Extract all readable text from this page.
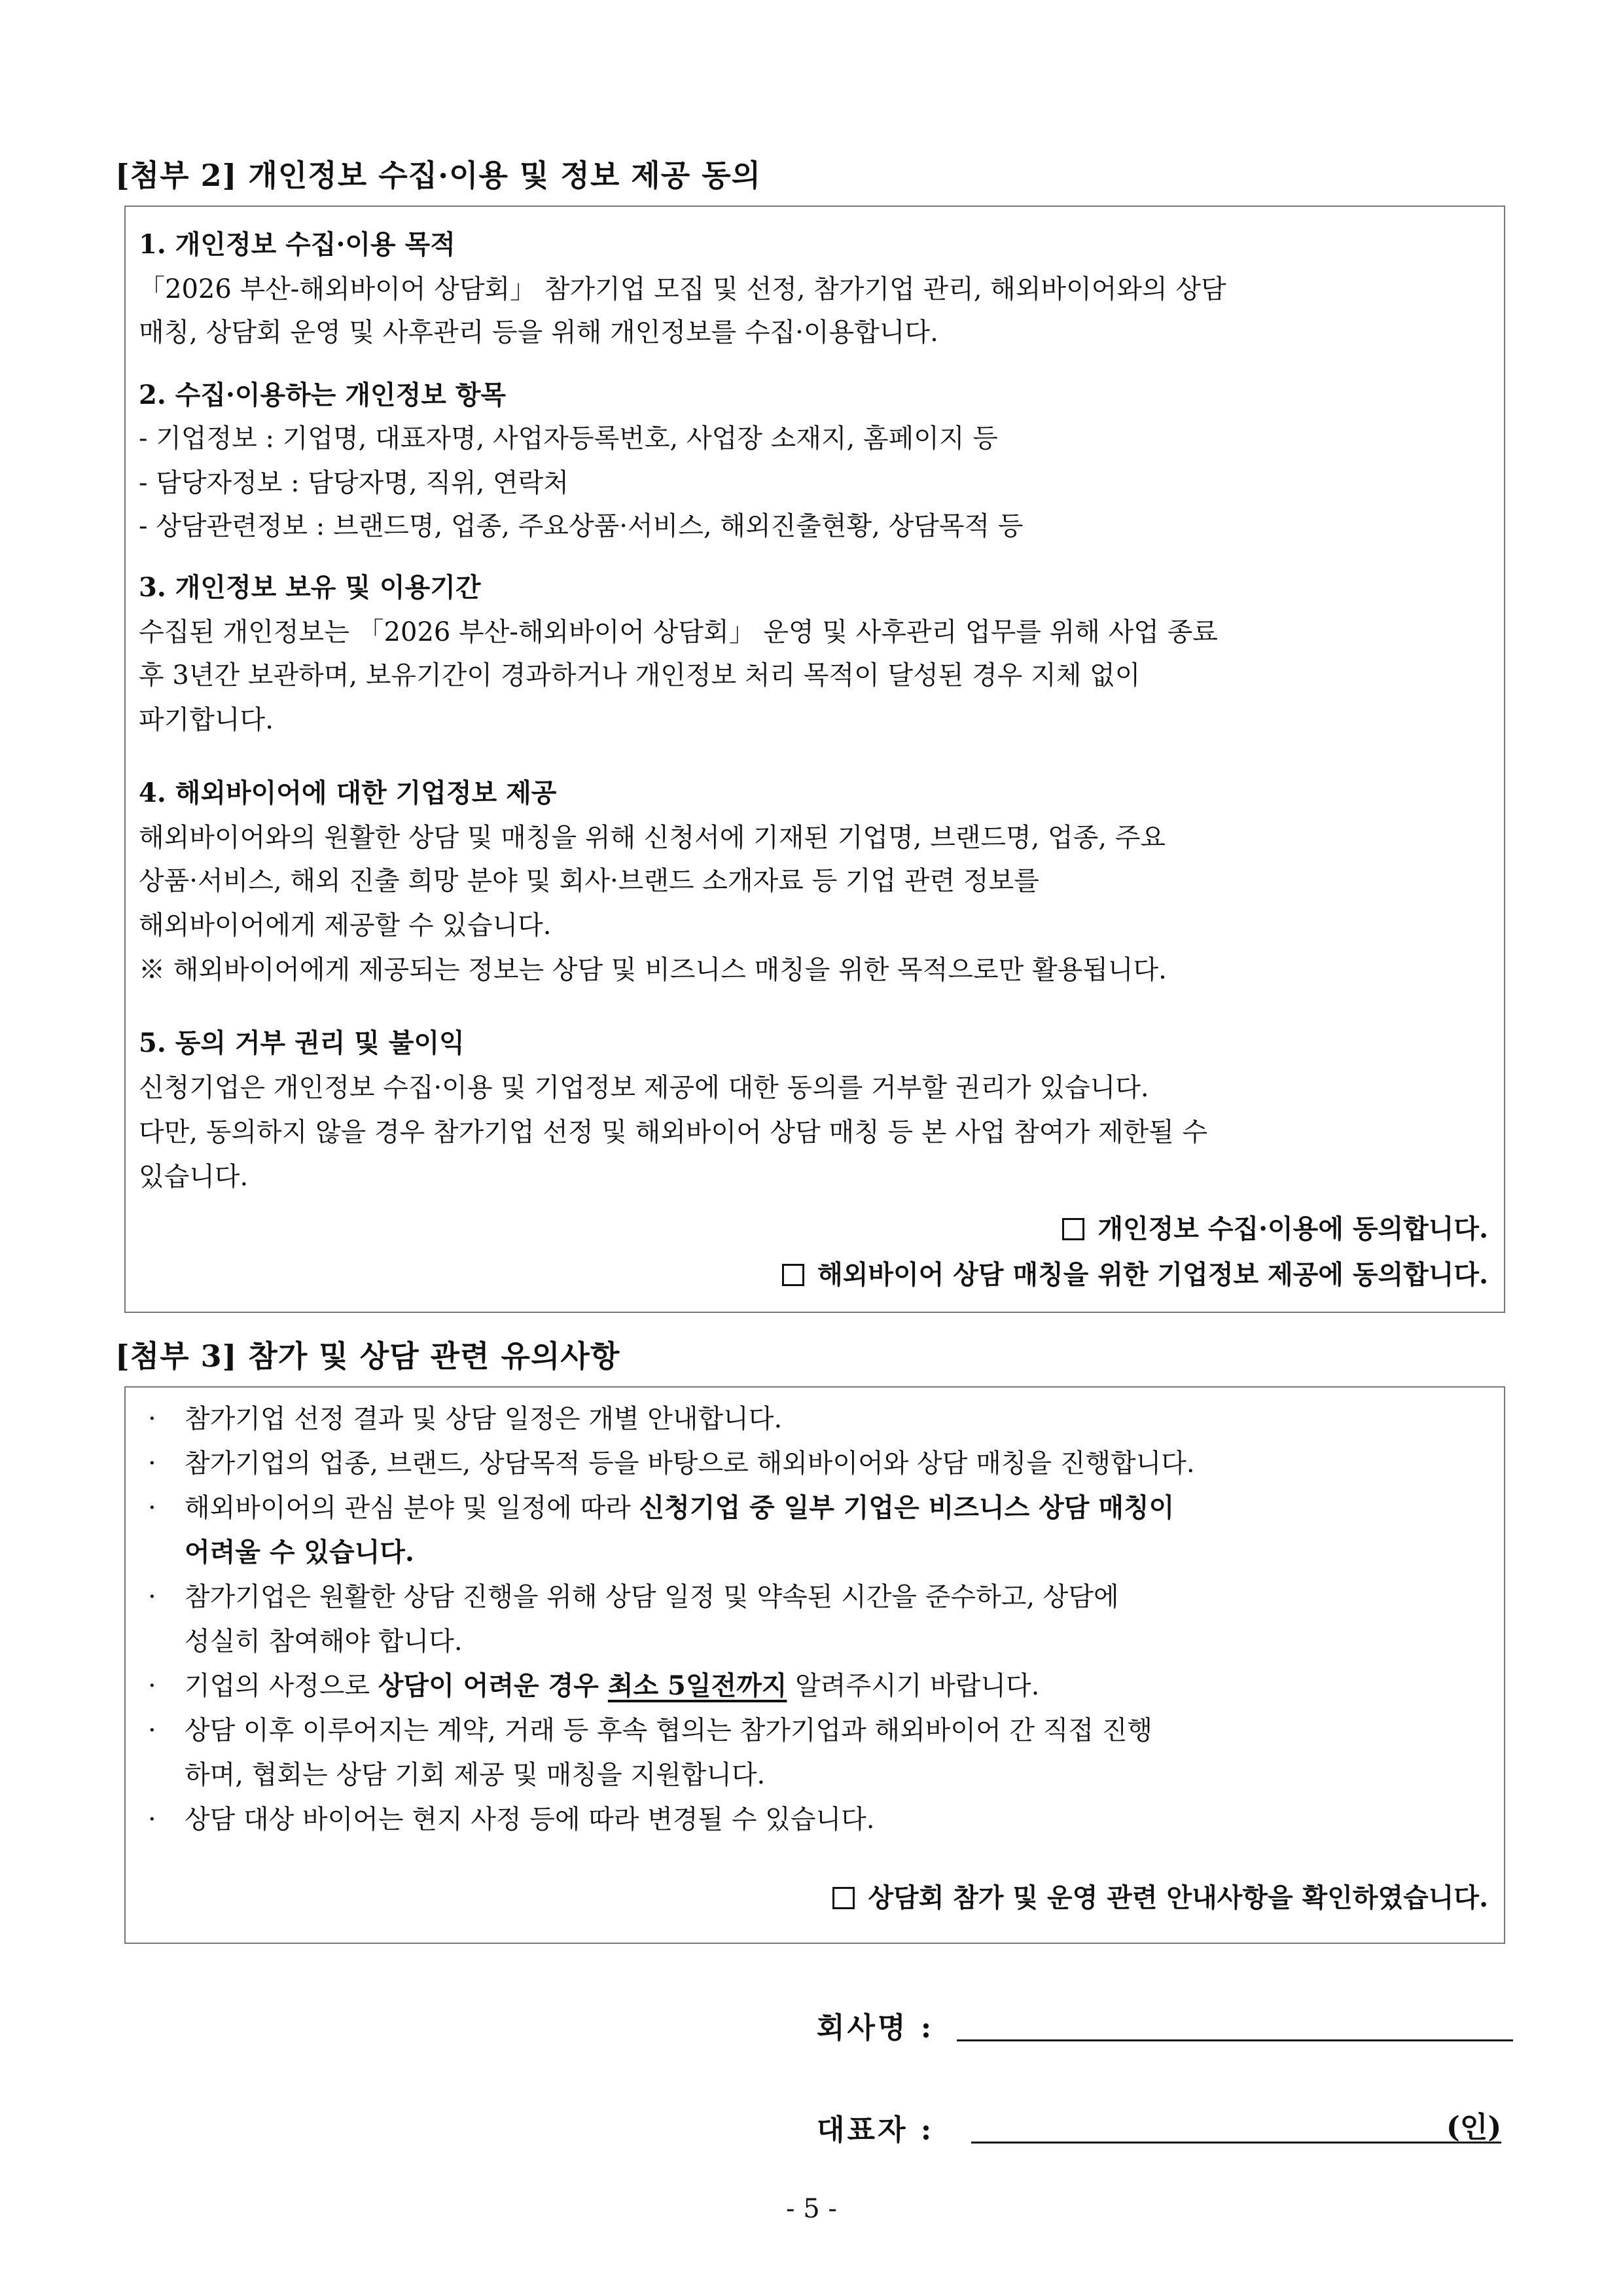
[첨부 2] 개인정보 수집·이용 및 정보 제공 동의
1. 개인정보 수집·이용 목적
「2026 부산-해외바이어 상담회」 참가기업 모집 및 선정, 참가기업 관리, 해외바이어와의 상담
매칭, 상담회 운영 및 사후관리 등을 위해 개인정보를 수집·이용합니다.
2. 수집·이용하는 개인정보 항목
- 기업정보 : 기업명, 대표자명, 사업자등록번호, 사업장 소재지, 홈페이지 등
- 담당자정보 : 담당자명, 직위, 연락처
- 상담관련정보 : 브랜드명, 업종, 주요상품·서비스, 해외진출현황, 상담목적 등
3. 개인정보 보유 및 이용기간
수집된 개인정보는 「2026 부산-해외바이어 상담회」 운영 및 사후관리 업무를 위해 사업 종료
후 3년간 보관하며, 보유기간이 경과하거나 개인정보 처리 목적이 달성된 경우 지체 없이
파기합니다.
4. 해외바이어에 대한 기업정보 제공
해외바이어와의 원활한 상담 및 매칭을 위해 신청서에 기재된 기업명, 브랜드명, 업종, 주요
상품·서비스, 해외 진출 희망 분야 및 회사·브랜드 소개자료 등 기업 관련 정보를
해외바이어에게 제공할 수 있습니다.
※ 해외바이어에게 제공되는 정보는 상담 및 비즈니스 매칭을 위한 목적으로만 활용됩니다.
5. 동의 거부 권리 및 불이익
신청기업은 개인정보 수집·이용 및 기업정보 제공에 대한 동의를 거부할 권리가 있습니다.
다만, 동의하지 않을 경우 참가기업 선정 및 해외바이어 상담 매칭 등 본 사업 참여가 제한될 수
있습니다.
개인정보 수집·이용에 동의합니다.
해외바이어 상담 매칭을 위한 기업정보 제공에 동의합니다.
[첨부 3] 참가 및 상담 관련 유의사항
· 참가기업 선정 결과 및 상담 일정은 개별 안내합니다.
· 참가기업의 업종, 브랜드, 상담목적 등을 바탕으로 해외바이어와 상담 매칭을 진행합니다.
· 해외바이어의 관심 분야 및 일정에 따라 신청기업 중 일부 기업은 비즈니스 상담 매칭이
어려울 수 있습니다.
· 참가기업은 원활한 상담 진행을 위해 상담 일정 및 약속된 시간을 준수하고, 상담에
성실히 참여해야 합니다.
· 기업의 사정으로 상담이 어려운 경우 최소 5일전까지 알려주시기 바랍니다.
· 상담 이후 이루어지는 계약, 거래 등 후속 협의는 참가기업과 해외바이어 간 직접 진행
하며, 협회는 상담 기회 제공 및 매칭을 지원합니다.
· 상담 대상 바이어는 현지 사정 등에 따라 변경될 수 있습니다.
상담회 참가 및 운영 관련 안내사항을 확인하였습니다.
회사명 :
대표자 :	(인)
- 5 -
